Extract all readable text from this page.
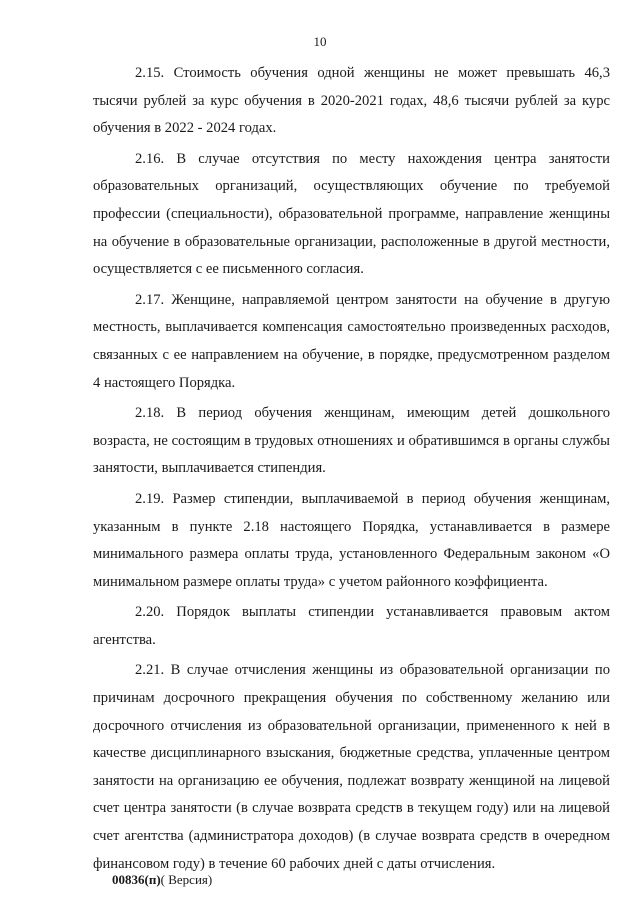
10

2.15. Стоимость обучения одной женщины не может превышать 46,3 тысячи рублей за курс обучения в 2020-2021 годах, 48,6 тысячи рублей за курс обучения в 2022 - 2024 годах.

2.16. В случае отсутствия по месту нахождения центра занятости образовательных организаций, осуществляющих обучение по требуемой профессии (специальности), образовательной программе, направление женщины на обучение в образовательные организации, расположенные в другой местности, осуществляется с ее письменного согласия.

2.17. Женщине, направляемой центром занятости на обучение в другую местность, выплачивается компенсация самостоятельно произведенных расходов, связанных с ее направлением на обучение, в порядке, предусмотренном разделом 4 настоящего Порядка.

2.18. В период обучения женщинам, имеющим детей дошкольного возраста, не состоящим в трудовых отношениях и обратившимся в органы службы занятости, выплачивается стипендия.

2.19. Размер стипендии, выплачиваемой в период обучения женщинам, указанным в пункте 2.18 настоящего Порядка, устанавливается в размере минимального размера оплаты труда, установленного Федеральным законом «О минимальном размере оплаты труда» с учетом районного коэффициента.

2.20. Порядок выплаты стипендии устанавливается правовым актом агентства.

2.21. В случае отчисления женщины из образовательной организации по причинам досрочного прекращения обучения по собственному желанию или досрочного отчисления из образовательной организации, примененного к ней в качестве дисциплинарного взыскания, бюджетные средства, уплаченные центром занятости на организацию ее обучения, подлежат возврату женщиной на лицевой счет центра занятости (в случае возврата средств в текущем году) или на лицевой счет агентства (администратора доходов) (в случае возврата средств в очередном финансовом году) в течение 60 рабочих дней с даты отчисления.

00836(п)( Версия)
